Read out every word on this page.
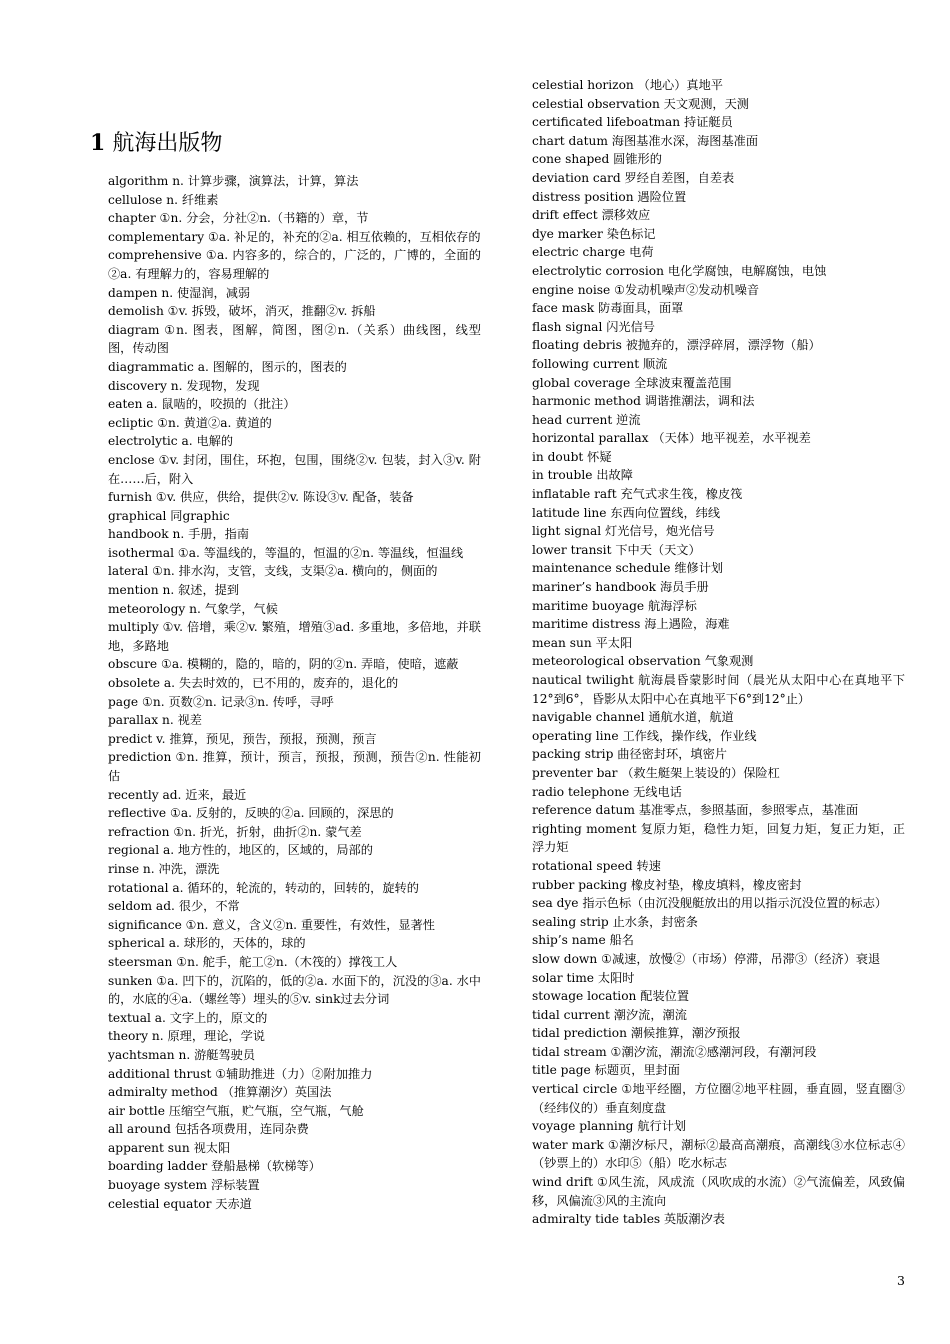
1 航海出版物

algorithm n. 计算步骤，演算法，计算，算法

cellulose n. 纤维素

chapter ①n. 分会，分社②n.（书籍的）章，节

complementary ①a. 补足的，补充的②a. 相互依赖的，互相依存的

comprehensive ①a. 内容多的，综合的，广泛的，广博的，全面的②a. 有理解力的，容易理解的

dampen n. 使湿润，减弱

demolish ①v. 拆毁，破坏，消灭，推翻②v. 拆船

diagram ①n. 图表，图解，简图，图②n.（关系）曲线图，线型图，传动图

diagrammatic a. 图解的，图示的，图表的

discovery n. 发现物，发现

eaten a. 鼠啮的，咬损的（批注）

ecliptic ①n. 黄道②a. 黄道的

electrolytic a. 电解的

enclose ①v. 封闭，围住，环抱，包围，围绕②v. 包装，封入③v. 附在……后，附入

furnish ①v. 供应，供给，提供②v. 陈设③v. 配备，装备

graphical 同graphic

handbook n. 手册，指南

isothermal ①a. 等温线的，等温的，恒温的②n. 等温线，恒温线

lateral ①n. 排水沟，支管，支线，支渠②a. 横向的，侧面的

mention n. 叙述，提到

meteorology n. 气象学，气候

multiply ①v. 倍增，乘②v. 繁殖，增殖③ad. 多重地，多倍地，并联地，多路地

obscure ①a. 模糊的，隐的，暗的，阴的②n. 弄暗，使暗，遮蔽

obsolete a. 失去时效的，已不用的，废弃的，退化的

page ①n. 页数②n. 记录③n. 传呼，寻呼

parallax n. 视差

predict v. 推算，预见，预告，预报，预测，预言

prediction ①n. 推算，预计，预言，预报，预测，预告②n. 性能初估

recently ad. 近来，最近

reflective ①a. 反射的，反映的②a. 回顾的，深思的

refraction ①n. 折光，折射，曲折②n. 蒙气差

regional a. 地方性的，地区的，区域的，局部的

rinse n. 冲洗，漂洗

rotational a. 循环的，轮流的，转动的，回转的，旋转的

seldom ad. 很少，不常

significance ①n. 意义，含义②n. 重要性，有效性，显著性

spherical a. 球形的，天体的，球的

steersman ①n. 舵手，舵工②n.（木筏的）撑筏工人

sunken ①a. 凹下的，沉陷的，低的②a. 水面下的，沉没的③a. 水中的，水底的④a.（螺丝等）埋头的⑤v. sink过去分词

textual a. 文字上的，原文的

theory n. 原理，理论，学说

yachtsman n. 游艇驾驶员

additional thrust ①辅助推进（力）②附加推力

admiralty method （推算潮汐）英国法

air bottle 压缩空气瓶，贮气瓶，空气瓶，气舱

all around 包括各项费用，连同杂费

apparent sun 视太阳

boarding ladder 登船悬梯（软梯等）

buoyage system 浮标装置

celestial equator 天赤道

celestial horizon （地心）真地平

celestial observation 天文观测，天测

certificated lifeboatman 持证艇员

chart datum 海图基准水深，海图基准面

cone shaped 圆锥形的

deviation card 罗经自差图，自差表

distress position 遇险位置

drift effect 漂移效应

dye marker 染色标记

electric charge 电荷

electrolytic corrosion 电化学腐蚀，电解腐蚀，电蚀

engine noise ①发动机噪声②发动机噪音

face mask 防毒面具，面罩

flash signal 闪光信号

floating debris 被抛弃的，漂浮碎屑，漂浮物（船）

following current 顺流

global coverage 全球波束覆盖范围

harmonic method 调谐推潮法，调和法

head current 逆流

horizontal parallax （天体）地平视差，水平视差

in doubt 怀疑

in trouble 出故障

inflatable raft 充气式求生筏，橡皮筏

latitude line 东西向位置线，纬线

light signal 灯光信号，炮光信号

lower transit 下中天（天文）

maintenance schedule 维修计划

mariner’s handbook 海员手册

maritime buoyage 航海浮标

maritime distress 海上遇险，海难

mean sun 平太阳

meteorological observation 气象观测

nautical twilight 航海晨昏蒙影时间（晨光从太阳中心在真地平下12°到6°，昏影从太阳中心在真地平下6°到12°止）

navigable channel 通航水道，航道

operating line 工作线，操作线，作业线

packing strip 曲径密封环，填密片

preventer bar （救生艇架上装设的）保险杠

radio telephone 无线电话

reference datum 基准零点，参照基面，参照零点，基准面

righting moment 复原力矩，稳性力矩，回复力矩，复正力矩，正浮力矩

rotational speed 转速

rubber packing 橡皮衬垫，橡皮填料，橡皮密封

sea dye 指示色标（由沉没舰艇放出的用以指示沉没位置的标志）

sealing strip 止水条，封密条

ship’s name 船名

slow down ①减速，放慢②（市场）停滞，吊滞③（经济）衰退

solar time 太阳时

stowage location 配装位置

tidal current 潮汐流，潮流

tidal prediction 潮候推算，潮汐预报

tidal stream ①潮汐流，潮流②感潮河段，有潮河段

title page 标题页，里封面

vertical circle ①地平经圈，方位圈②地平柱圆，垂直圆，竖直圈③（经纬仪的）垂直刻度盘

voyage planning 航行计划

water mark ①潮汐标尺，潮标②最高高潮痕，高潮线③水位标志④（钞票上的）水印⑤（船）吃水标志

wind drift ①风生流，风成流（风吹成的水流）②气流偏差，风致偏移，风偏流③风的主流向

admiralty tide tables 英版潮汐表

3
